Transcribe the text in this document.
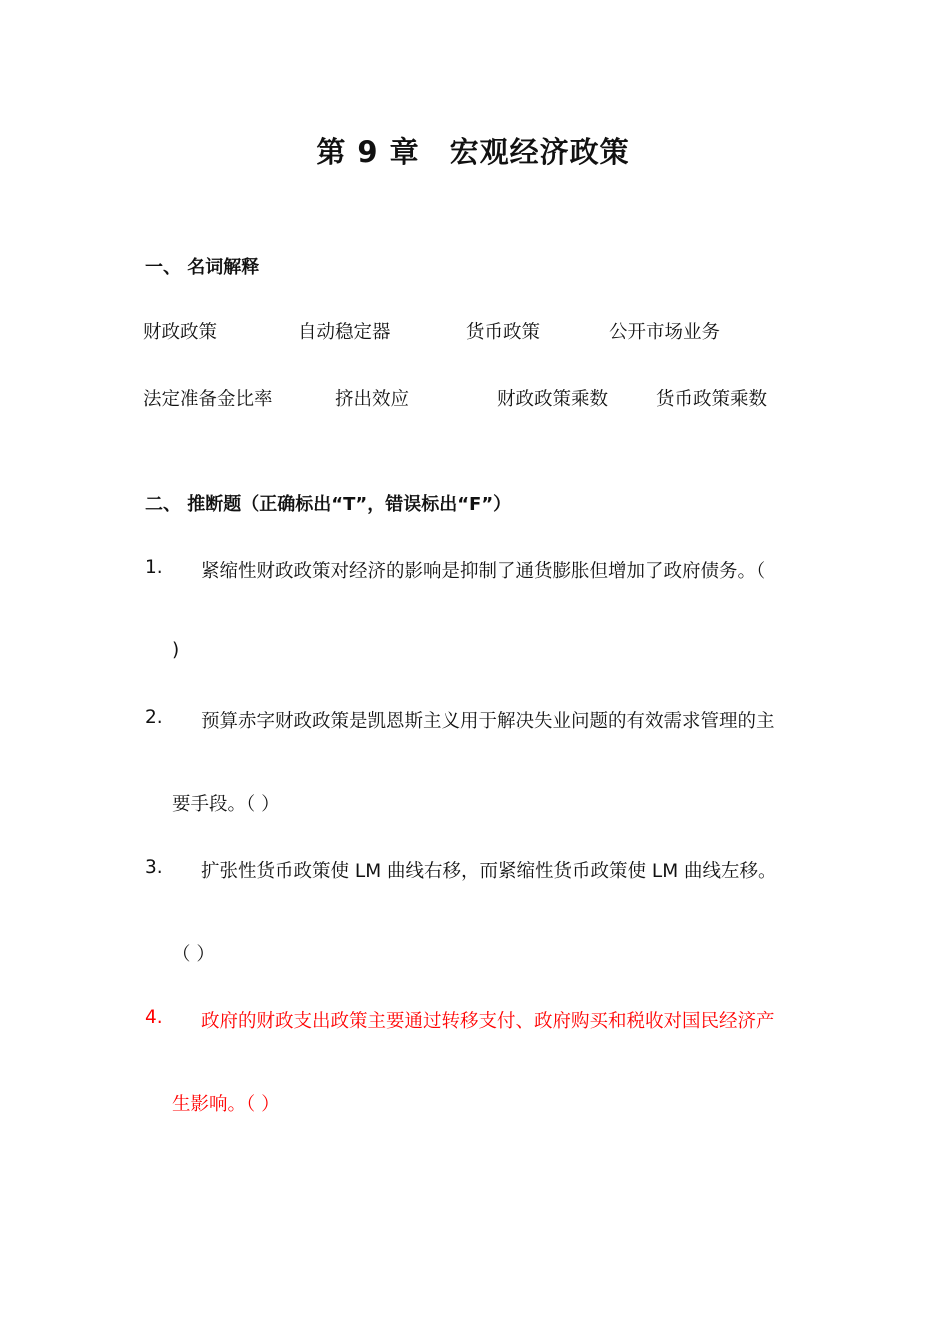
第 9 章　宏观经济政策
一、 名词解释
财政政策	自动稳定器	货币政策	公开市场业务
法定准备金比率	挤出效应	财政政策乘数	货币政策乘数
二、 推断题（正确标出“T”，错误标出“F”）
1. 紧缩性财政政策对经济的影响是抑制了通货膨胀但增加了政府债务。（
)
2. 预算赤字财政政策是凯恩斯主义用于解决失业问题的有效需求管理的主
要手段。（ ）
3. 扩张性货币政策使 LM 曲线右移，而紧缩性货币政策使 LM 曲线左移。
（ ）
4. 政府的财政支出政策主要通过转移支付、政府购买和税收对国民经济产
生影响。（ ）
